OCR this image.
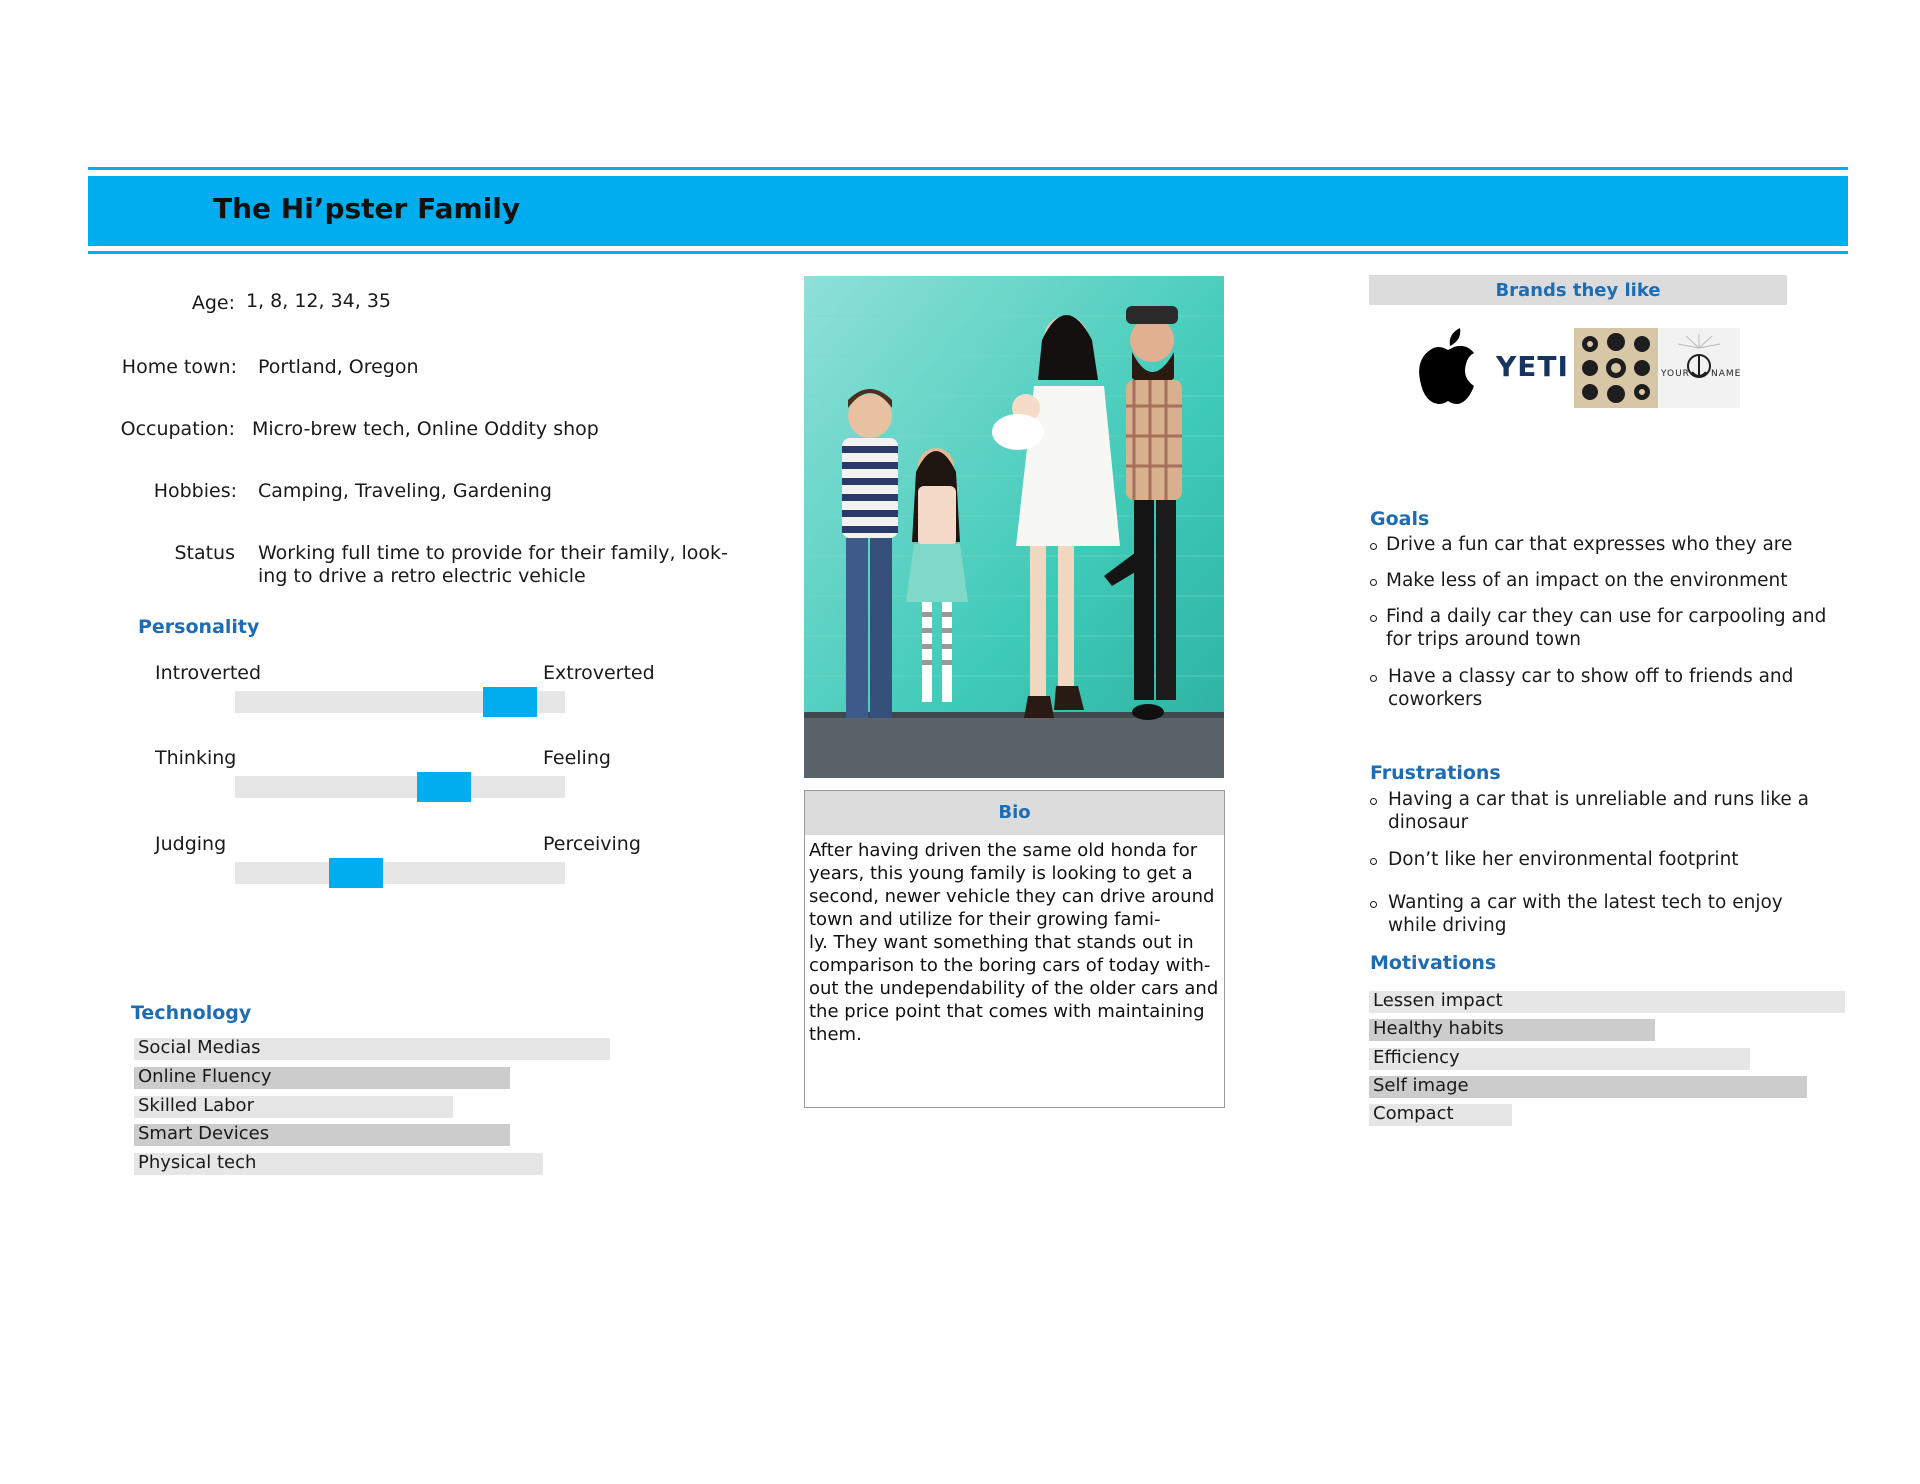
The Hi’pster Family
Age: 1, 8, 12, 34, 35
Home town: Portland, Oregon
Occupation: Micro-brew tech, Online Oddity shop
Hobbies: Camping, Traveling, Gardening
Status Working full time to provide for their family, look-
ing to drive a retro electric vehicle
Personality
Introverted	Extroverted
Thinking	Feeling
Judging	Perceiving
Technology
Social Medias
Online Fluency
Skilled Labor
Smart Devices
Physical tech
Bio
After having driven the same old honda for
years, this young family is looking to get a
second, newer vehicle they can drive around
town and utilize for their growing fami-
ly. They want something that stands out in
comparison to the boring cars of today with-
out the undependability of the older cars and
the price point that comes with maintaining
them.
Brands they like
YETI	YOUR NAME
Goals
Drive a fun car that expresses who they are
Make less of an impact on the environment
Find a daily car they can use for carpooling and
for trips around town
Have a classy car to show off to friends and
coworkers
Frustrations
Having a car that is unreliable and runs like a
dinosaur
Don’t like her environmental footprint
Wanting a car with the latest tech to enjoy
while driving
Motivations
Lessen impact
Healthy habits
Efficiency
Self image
Compact
